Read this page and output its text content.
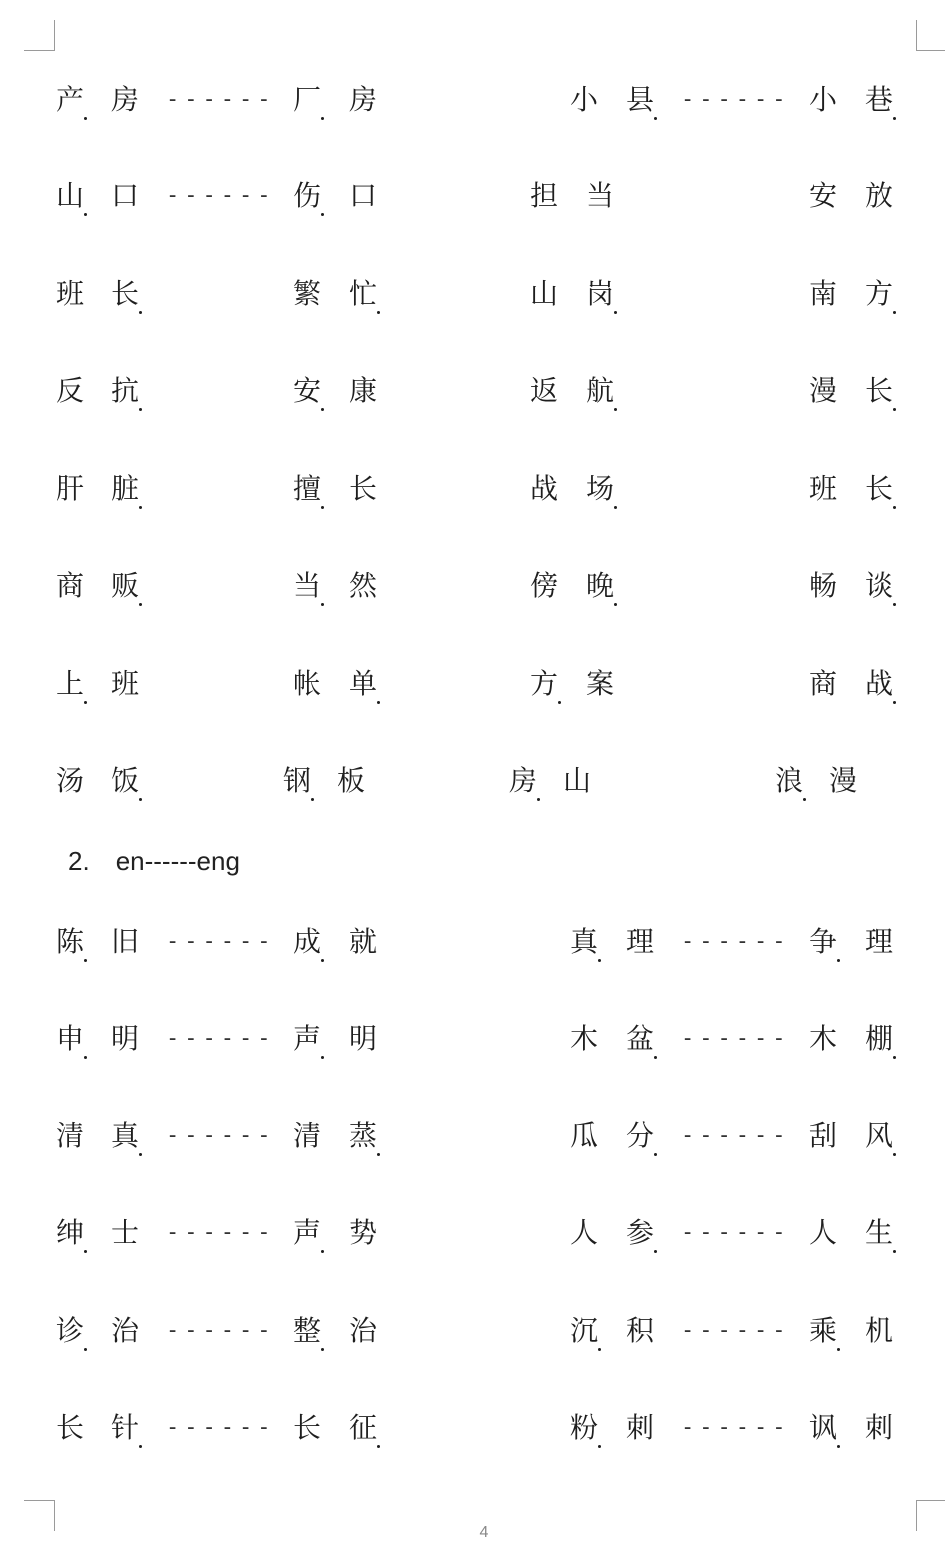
产 房	厂 房	小 县	小 巷
------	------
山 口	伤 口	担 当	安 放
------
班 长	繁 忙	山 岗	南 方
反 抗	安 康	返 航	漫 长
肝 脏	擅 长	战 场	班 长
商 贩	当 然	傍 晚	畅 谈
上 班	帐 单	方 案	商 战
汤 饭	钢 板	房 山	浪 漫
2. en------eng
陈 旧	成 就	真 理	争 理
------	------
申 明	声 明	木 盆	木 棚
------	------
清 真	清 蒸	瓜 分	刮 风
------	------
绅 士	声 势	人 参	人 生
------	------
诊 治	整 治	沉 积	乘 机
------	------
长 针	长 征	粉 刺	讽 刺
------	------
4
